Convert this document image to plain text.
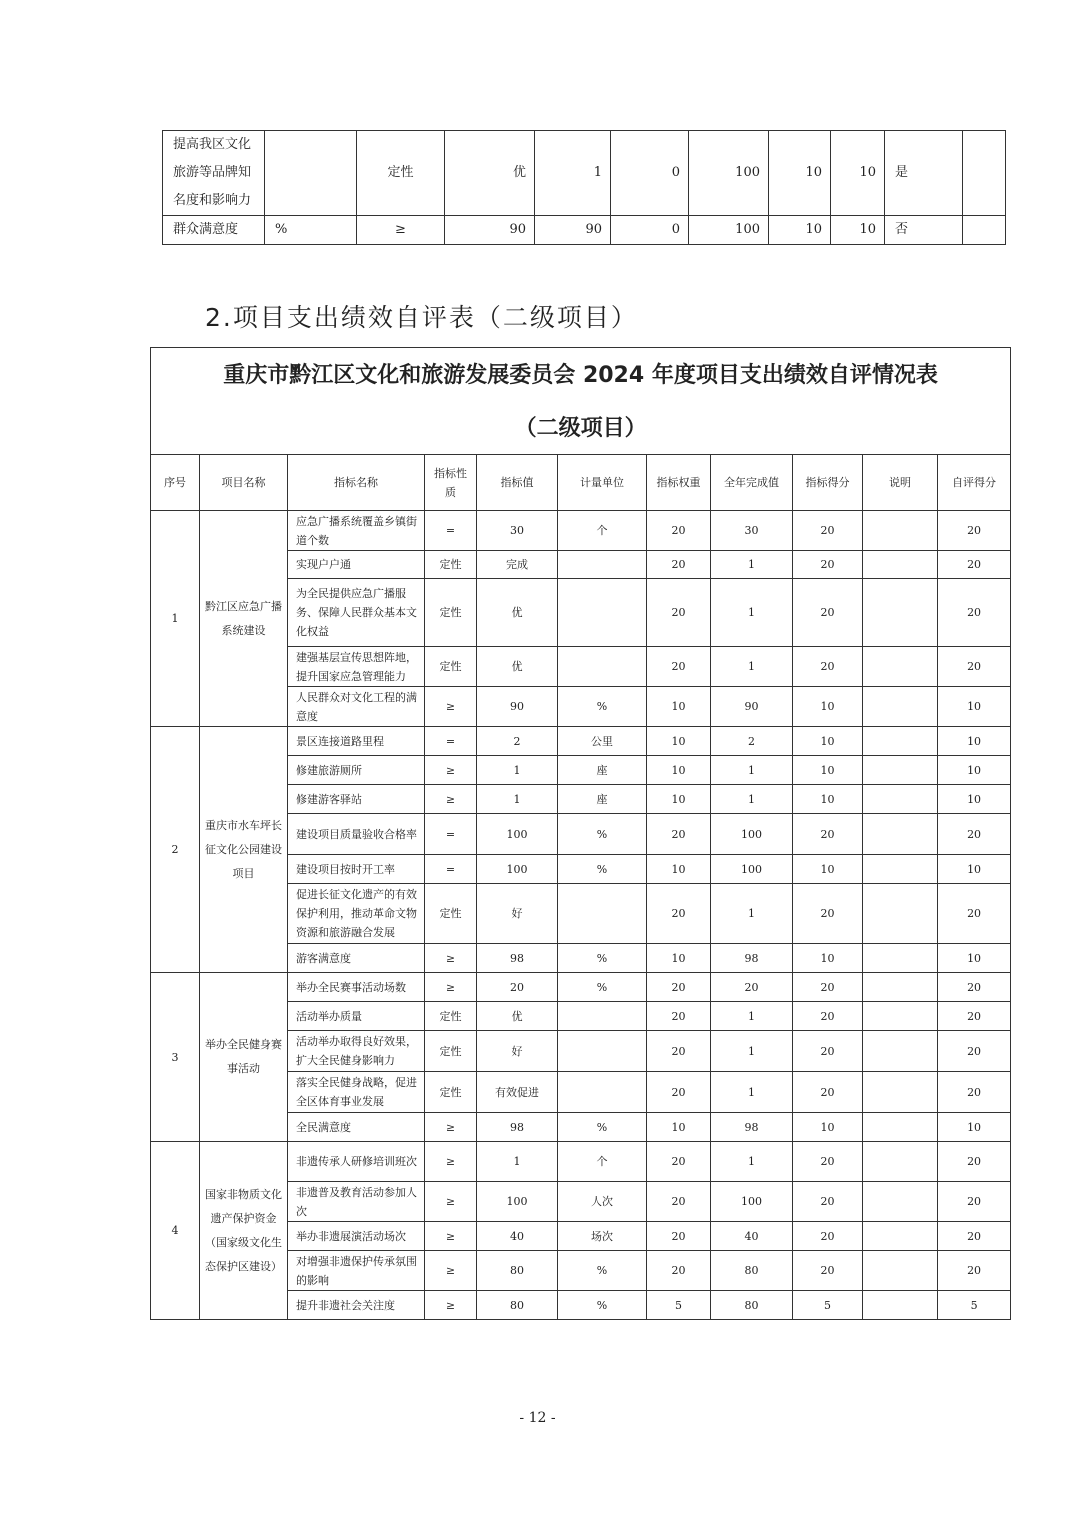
提高我区文化旅游等品牌知名度和影响力		定性	优	1	0	100	10	10	是	
群众满意度	%	≥	90	90	0	100	10	10	否	
2.项目支出绩效自评表（二级项目）
重庆市黔江区文化和旅游发展委员会 2024 年度项目支出绩效自评情况表										
（二级项目）										
序号	项目名称	指标名称	指标性质	指标值	计量单位	指标权重	全年完成值	指标得分	说明	自评得分
1	黔江区应急广播系统建设	应急广播系统覆盖乡镇街道个数	=	30	个	20	30	20		20
		实现户户通	定性	完成		20	1	20		20
		为全民提供应急广播服务、保障人民群众基本文化权益	定性	优		20	1	20		20
		建强基层宣传思想阵地，提升国家应急管理能力	定性	优		20	1	20		20
		人民群众对文化工程的满意度	≥	90	%	10	90	10		10
2	重庆市水车坪长征文化公园建设项目	景区连接道路里程	=	2	公里	10	2	10		10
		修建旅游厕所	≥	1	座	10	1	10		10
		修建游客驿站	≥	1	座	10	1	10		10
		建设项目质量验收合格率	=	100	%	20	100	20		20
		建设项目按时开工率	=	100	%	10	100	10		10
		促进长征文化遗产的有效保护利用，推动革命文物资源和旅游融合发展	定性	好		20	1	20		20
		游客满意度	≥	98	%	10	98	10		10
3	举办全民健身赛事活动	举办全民赛事活动场数	≥	20	%	20	20	20		20
		活动举办质量	定性	优		20	1	20		20
		活动举办取得良好效果，扩大全民健身影响力	定性	好		20	1	20		20
		落实全民健身战略，促进全区体育事业发展	定性	有效促进		20	1	20		20
		全民满意度	≥	98	%	10	98	10		10
4	国家非物质文化遗产保护资金（国家级文化生态保护区建设）	非遗传承人研修培训班次	≥	1	个	20	1	20		20
		非遗普及教育活动参加人次	≥	100	人次	20	100	20		20
		举办非遗展演活动场次	≥	40	场次	20	40	20		20
		对增强非遗保护传承氛围的影响	≥	80	%	20	80	20		20
		提升非遗社会关注度	≥	80	%	5	80	5		5
- 12 -
